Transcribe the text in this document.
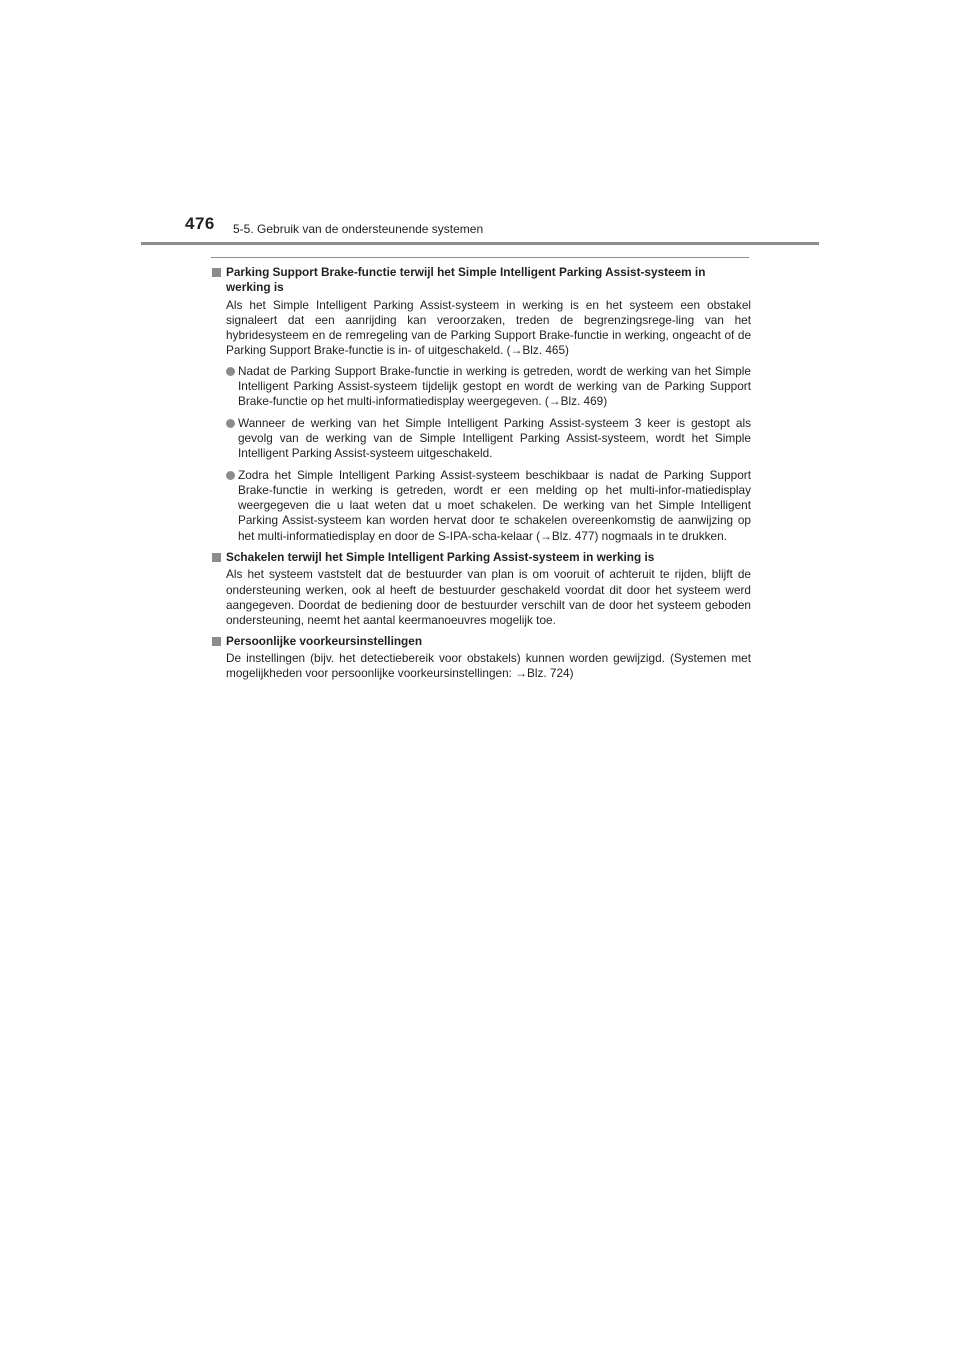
476 5-5. Gebruik van de ondersteunende systemen

Parking Support Brake-functie terwijl het Simple Intelligent Parking Assist-systeem in werking is

Als het Simple Intelligent Parking Assist-systeem in werking is en het systeem een obstakel signaleert dat een aanrijding kan veroorzaken, treden de begrenzingsrege-ling van het hybridesysteem en de remregeling van de Parking Support Brake-functie in werking, ongeacht of de Parking Support Brake-functie is in- of uitgeschakeld. (→Blz. 465)

Nadat de Parking Support Brake-functie in werking is getreden, wordt de werking van het Simple Intelligent Parking Assist-systeem tijdelijk gestopt en wordt de werking van de Parking Support Brake-functie op het multi-informatiedisplay weergegeven. (→Blz. 469)

Wanneer de werking van het Simple Intelligent Parking Assist-systeem 3 keer is gestopt als gevolg van de werking van de Simple Intelligent Parking Assist-systeem, wordt het Simple Intelligent Parking Assist-systeem uitgeschakeld.

Zodra het Simple Intelligent Parking Assist-systeem beschikbaar is nadat de Parking Support Brake-functie in werking is getreden, wordt er een melding op het multi-infor-matiedisplay weergegeven die u laat weten dat u moet schakelen. De werking van het Simple Intelligent Parking Assist-systeem kan worden hervat door te schakelen overeenkomstig de aanwijzing op het multi-informatiedisplay en door de S-IPA-scha-kelaar (→Blz. 477) nogmaals in te drukken.

Schakelen terwijl het Simple Intelligent Parking Assist-systeem in werking is

Als het systeem vaststelt dat de bestuurder van plan is om vooruit of achteruit te rijden, blijft de ondersteuning werken, ook al heeft de bestuurder geschakeld voordat dit door het systeem werd aangegeven. Doordat de bediening door de bestuurder verschilt van de door het systeem geboden ondersteuning, neemt het aantal keermanoeuvres mogelijk toe.

Persoonlijke voorkeursinstellingen

De instellingen (bijv. het detectiebereik voor obstakels) kunnen worden gewijzigd. (Systemen met mogelijkheden voor persoonlijke voorkeursinstellingen: →Blz. 724)
